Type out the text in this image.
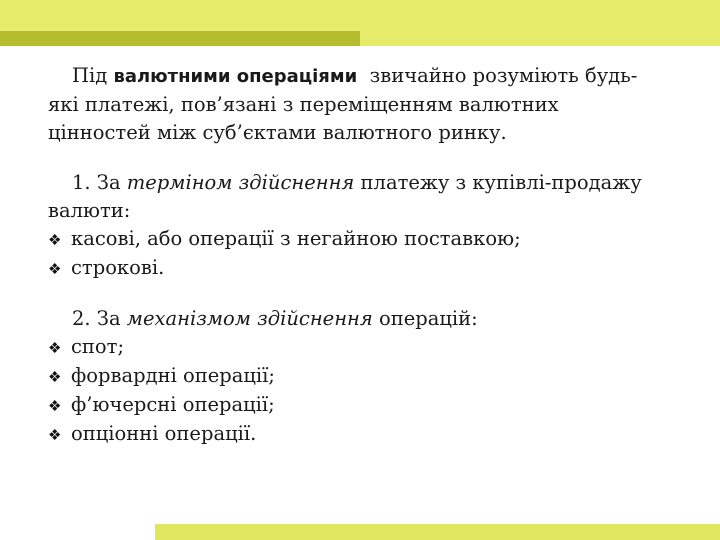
Під валютними операціями  звичайно розуміють будь-
які платежі, пов’язані з переміщенням валютних
цінностей між суб’єктами валютного ринку.

1. За терміном здійснення платежу з купівлі-продажу
валюти:

❖ касові, або операції з негайною поставкою;
❖ строкові.

2. За механізмом здійснення операцій:

❖ спот;
❖ форвардні операції;
❖ ф’ючерсні операції;
❖ опціонні операції.
